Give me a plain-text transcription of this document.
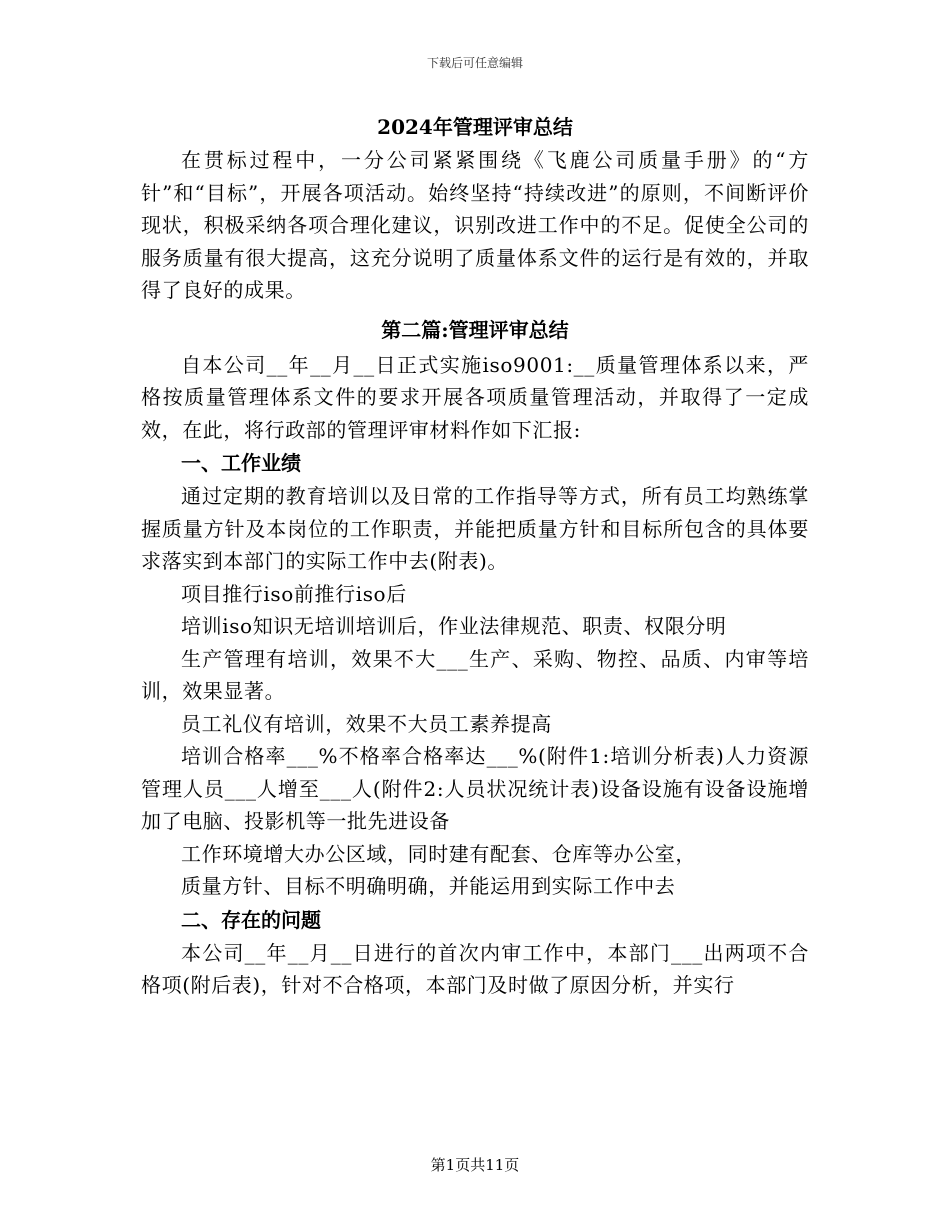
下载后可任意编辑
2024年管理评审总结

在贯标过程中，一分公司紧紧围绕《飞鹿公司质量手册》的“方针”和“目标”，开展各项活动。始终坚持“持续改进”的原则，不间断评价现状，积极采纳各项合理化建议，识别改进工作中的不足。促使全公司的服务质量有很大提高，这充分说明了质量体系文件的运行是有效的，并取得了良好的成果。

第二篇:管理评审总结

自本公司__年__月__日正式实施iso9001:__质量管理体系以来，严格按质量管理体系文件的要求开展各项质量管理活动，并取得了一定成效，在此，将行政部的管理评审材料作如下汇报:

一、工作业绩

通过定期的教育培训以及日常的工作指导等方式，所有员工均熟练掌握质量方针及本岗位的工作职责，并能把质量方针和目标所包含的具体要求落实到本部门的实际工作中去(附表)。

项目推行iso前推行iso后

培训iso知识无培训培训后，作业法律规范、职责、权限分明

生产管理有培训，效果不大___生产、采购、物控、品质、内审等培训，效果显著。

员工礼仪有培训，效果不大员工素养提高

培训合格率___%不格率合格率达___%(附件1:培训分析表)人力资源管理人员___人增至___人(附件2:人员状况统计表)设备设施有设备设施增加了电脑、投影机等一批先进设备

工作环境增大办公区域，同时建有配套、仓库等办公室，

质量方针、目标不明确明确，并能运用到实际工作中去

二、存在的问题

本公司__年__月__日进行的首次内审工作中，本部门___出两项不合格项(附后表)，针对不合格项，本部门及时做了原因分析，并实行

第1页共11页
